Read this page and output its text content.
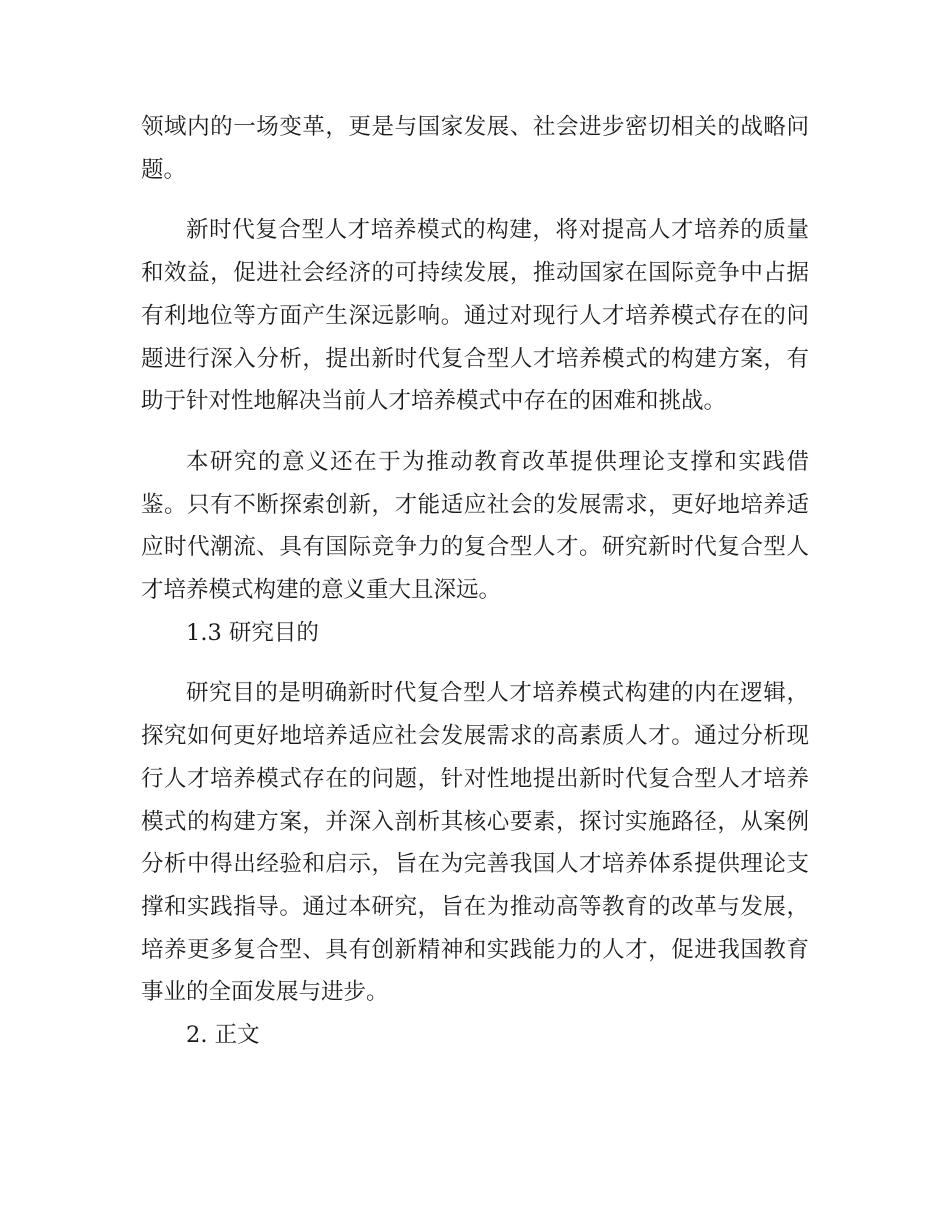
领域内的一场变革，更是与国家发展、社会进步密切相关的战略问题。

新时代复合型人才培养模式的构建，将对提高人才培养的质量和效益，促进社会经济的可持续发展，推动国家在国际竞争中占据有利地位等方面产生深远影响。通过对现行人才培养模式存在的问题进行深入分析，提出新时代复合型人才培养模式的构建方案，有助于针对性地解决当前人才培养模式中存在的困难和挑战。

本研究的意义还在于为推动教育改革提供理论支撑和实践借鉴。只有不断探索创新，才能适应社会的发展需求，更好地培养适应时代潮流、具有国际竞争力的复合型人才。研究新时代复合型人才培养模式构建的意义重大且深远。

1.3 研究目的

研究目的是明确新时代复合型人才培养模式构建的内在逻辑，探究如何更好地培养适应社会发展需求的高素质人才。通过分析现行人才培养模式存在的问题，针对性地提出新时代复合型人才培养模式的构建方案，并深入剖析其核心要素，探讨实施路径，从案例分析中得出经验和启示，旨在为完善我国人才培养体系提供理论支撑和实践指导。通过本研究，旨在为推动高等教育的改革与发展，培养更多复合型、具有创新精神和实践能力的人才，促进我国教育事业的全面发展与进步。

2. 正文
